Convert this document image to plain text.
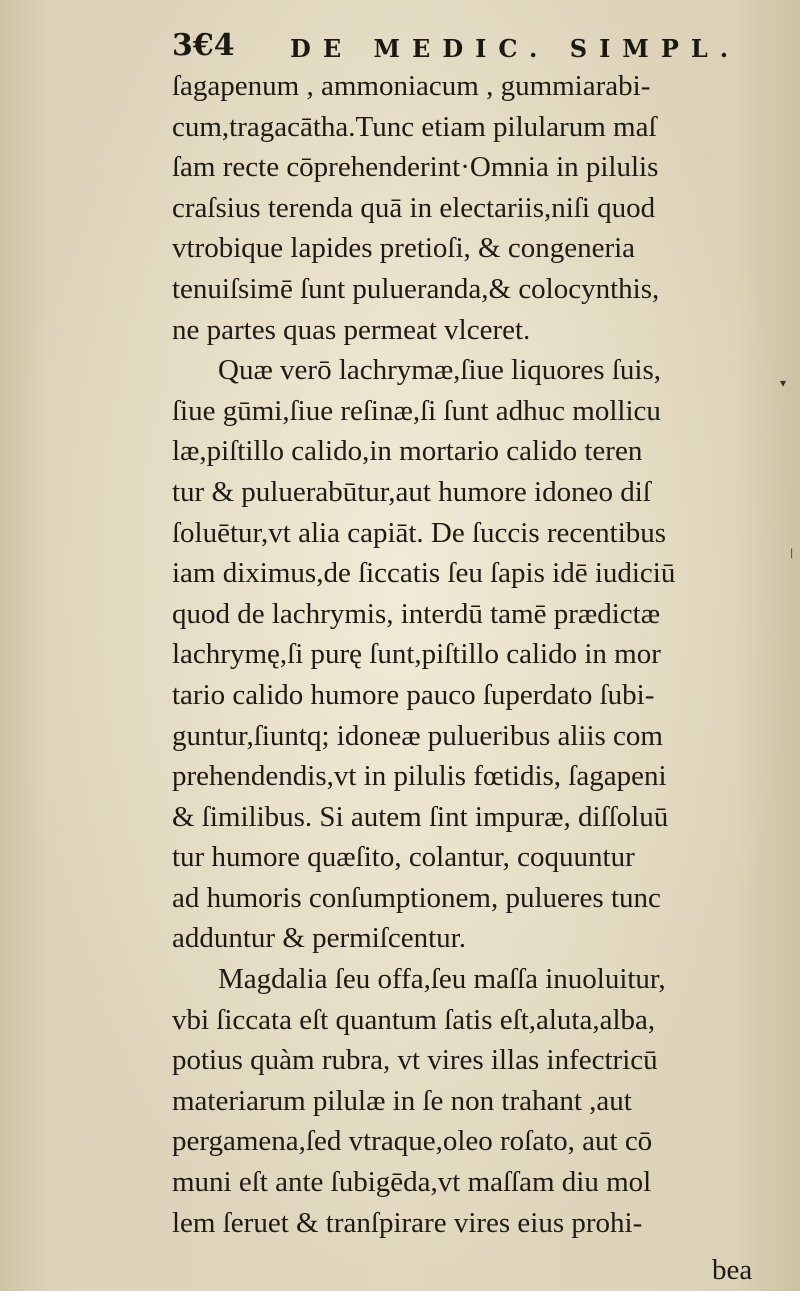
3€4 DE MEDIC. SIMPL.
ſagapenum , ammoniacum , gummiarabi-
cum,tragacātha.Tunc etiam pilularum maſ
ſam recte cōprehenderint·Omnia in pilulis
craſsius terenda quā in electariis,niſi quod
vtrobique lapides pretioſi, & congeneria
tenuiſsimē ſunt pulueranda,& colocynthis,
ne partes quas permeat vlceret.
Quæ verō lachrymæ,ſiue liquores ſuis,
ſiue gūmi,ſiue reſinæ,ſi ſunt adhuc mollicu
læ,piſtillo calido,in mortario calido teren
tur & puluerabūtur,aut humore idoneo diſ
ſoluētur,vt alia capiāt. De ſuccis recentibus
iam diximus,de ſiccatis ſeu ſapis idē iudiciū
quod de lachrymis, interdū tamē prædictæ
lachrymę,ſi purę ſunt,piſtillo calido in mor
tario calido humore pauco ſuperdato ſubi-
guntur,ſiuntq; idoneæ pulueribus aliis com
prehendendis,vt in pilulis fœtidis, ſagapeni
& ſimilibus. Si autem ſint impuræ, diſſoluū
tur humore quæſito, colantur, coquuntur
ad humoris conſumptionem, pulueres tunc
adduntur & permiſcentur.
Magdalia ſeu offa,ſeu maſſa inuoluitur,
vbi ſiccata eſt quantum ſatis eſt,aluta,alba,
potius quàm rubra, vt vires illas infectricū
materiarum pilulæ in ſe non trahant ,aut
pergamena,ſed vtraque,oleo roſato, aut cō
muni eſt ante ſubigēda,vt maſſam diu mol
lem ſeruet & tranſpirare vires eius prohi-
bea
▾
|
